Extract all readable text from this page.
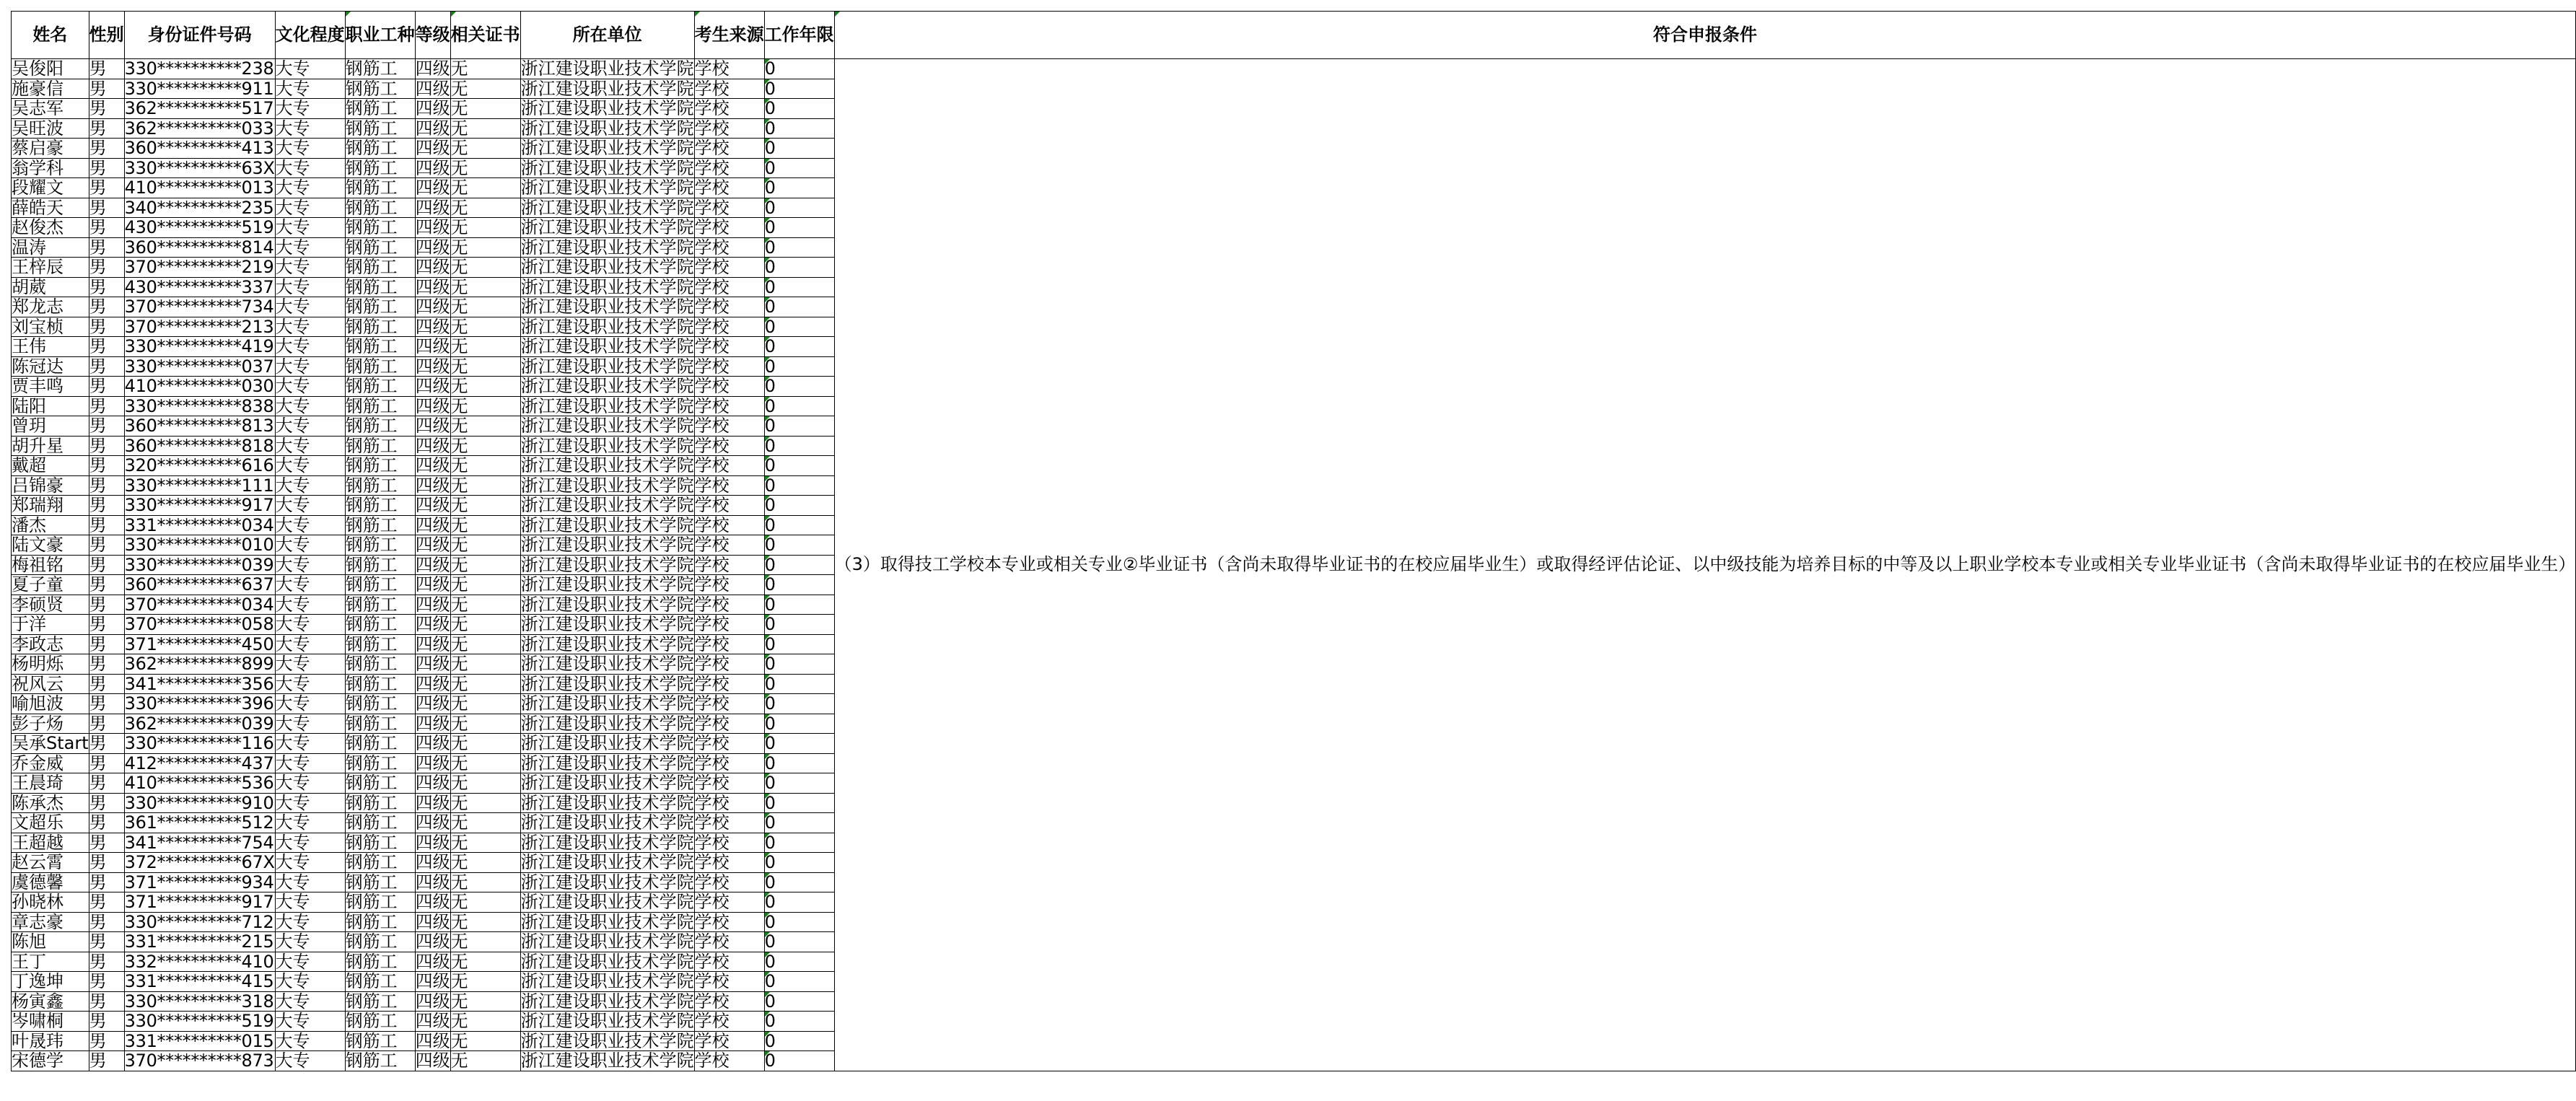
姓名	性别	身份证件号码	文化程度	职业工种	等级	相关证书	所在单位	考生来源	工作年限	符合申报条件

吴俊阳	男	330**********238	大专	钢筋工	四级	无	浙江建设职业技术学院	学校	0	（3）取得技工学校本专业或相关专业②毕业证书（含尚未取得毕业证书的在校应届毕业生）或取得经评估论证、以中级技能为培养目标的中等及以上职业学校本专业或相关专业毕业证书（含尚未取得毕业证书的在校应届毕业生）
施豪信	男	330**********911	大专	钢筋工	四级	无	浙江建设职业技术学院	学校	0	
吴志军	男	362**********517	大专	钢筋工	四级	无	浙江建设职业技术学院	学校	0	
吴旺波	男	362**********033	大专	钢筋工	四级	无	浙江建设职业技术学院	学校	0	
蔡启豪	男	360**********413	大专	钢筋工	四级	无	浙江建设职业技术学院	学校	0	
翁学科	男	330**********63X	大专	钢筋工	四级	无	浙江建设职业技术学院	学校	0	
段耀文	男	410**********013	大专	钢筋工	四级	无	浙江建设职业技术学院	学校	0	
薛皓天	男	340**********235	大专	钢筋工	四级	无	浙江建设职业技术学院	学校	0	
赵俊杰	男	430**********519	大专	钢筋工	四级	无	浙江建设职业技术学院	学校	0	
温涛	男	360**********814	大专	钢筋工	四级	无	浙江建设职业技术学院	学校	0	
王梓辰	男	370**********219	大专	钢筋工	四级	无	浙江建设职业技术学院	学校	0	
胡葳	男	430**********337	大专	钢筋工	四级	无	浙江建设职业技术学院	学校	0	
郑龙志	男	370**********734	大专	钢筋工	四级	无	浙江建设职业技术学院	学校	0	
刘宝桢	男	370**********213	大专	钢筋工	四级	无	浙江建设职业技术学院	学校	0	
王伟	男	330**********419	大专	钢筋工	四级	无	浙江建设职业技术学院	学校	0	
陈冠达	男	330**********037	大专	钢筋工	四级	无	浙江建设职业技术学院	学校	0	
贾丰鸣	男	410**********030	大专	钢筋工	四级	无	浙江建设职业技术学院	学校	0	
陆阳	男	330**********838	大专	钢筋工	四级	无	浙江建设职业技术学院	学校	0	
曾玥	男	360**********813	大专	钢筋工	四级	无	浙江建设职业技术学院	学校	0	
胡升星	男	360**********818	大专	钢筋工	四级	无	浙江建设职业技术学院	学校	0	
戴超	男	320**********616	大专	钢筋工	四级	无	浙江建设职业技术学院	学校	0	
吕锦豪	男	330**********111	大专	钢筋工	四级	无	浙江建设职业技术学院	学校	0	
郑瑞翔	男	330**********917	大专	钢筋工	四级	无	浙江建设职业技术学院	学校	0	
潘杰	男	331**********034	大专	钢筋工	四级	无	浙江建设职业技术学院	学校	0	
陆文豪	男	330**********010	大专	钢筋工	四级	无	浙江建设职业技术学院	学校	0	
梅祖铭	男	330**********039	大专	钢筋工	四级	无	浙江建设职业技术学院	学校	0	
夏子童	男	360**********637	大专	钢筋工	四级	无	浙江建设职业技术学院	学校	0	
李硕贤	男	370**********034	大专	钢筋工	四级	无	浙江建设职业技术学院	学校	0	
于洋	男	370**********058	大专	钢筋工	四级	无	浙江建设职业技术学院	学校	0	
李政志	男	371**********450	大专	钢筋工	四级	无	浙江建设职业技术学院	学校	0	
杨明烁	男	362**********899	大专	钢筋工	四级	无	浙江建设职业技术学院	学校	0	
祝风云	男	341**********356	大专	钢筋工	四级	无	浙江建设职业技术学院	学校	0	
喻旭波	男	330**********396	大专	钢筋工	四级	无	浙江建设职业技术学院	学校	0	
彭子炀	男	362**********039	大专	钢筋工	四级	无	浙江建设职业技术学院	学校	0	
吴承Start	男	330**********116	大专	钢筋工	四级	无	浙江建设职业技术学院	学校	0	
乔金威	男	412**********437	大专	钢筋工	四级	无	浙江建设职业技术学院	学校	0	
王晨琦	男	410**********536	大专	钢筋工	四级	无	浙江建设职业技术学院	学校	0	
陈承杰	男	330**********910	大专	钢筋工	四级	无	浙江建设职业技术学院	学校	0	
文超乐	男	361**********512	大专	钢筋工	四级	无	浙江建设职业技术学院	学校	0	
王超越	男	341**********754	大专	钢筋工	四级	无	浙江建设职业技术学院	学校	0	
赵云霄	男	372**********67X	大专	钢筋工	四级	无	浙江建设职业技术学院	学校	0	
虞德馨	男	371**********934	大专	钢筋工	四级	无	浙江建设职业技术学院	学校	0	
孙晓林	男	371**********917	大专	钢筋工	四级	无	浙江建设职业技术学院	学校	0	
章志豪	男	330**********712	大专	钢筋工	四级	无	浙江建设职业技术学院	学校	0	
陈旭	男	331**********215	大专	钢筋工	四级	无	浙江建设职业技术学院	学校	0	
王丁	男	332**********410	大专	钢筋工	四级	无	浙江建设职业技术学院	学校	0	
丁逸坤	男	331**********415	大专	钢筋工	四级	无	浙江建设职业技术学院	学校	0	
杨寅鑫	男	330**********318	大专	钢筋工	四级	无	浙江建设职业技术学院	学校	0	
岑啸桐	男	330**********519	大专	钢筋工	四级	无	浙江建设职业技术学院	学校	0	
叶晟玮	男	331**********015	大专	钢筋工	四级	无	浙江建设职业技术学院	学校	0	
宋德学	男	370**********873	大专	钢筋工	四级	无	浙江建设职业技术学院	学校	0	
